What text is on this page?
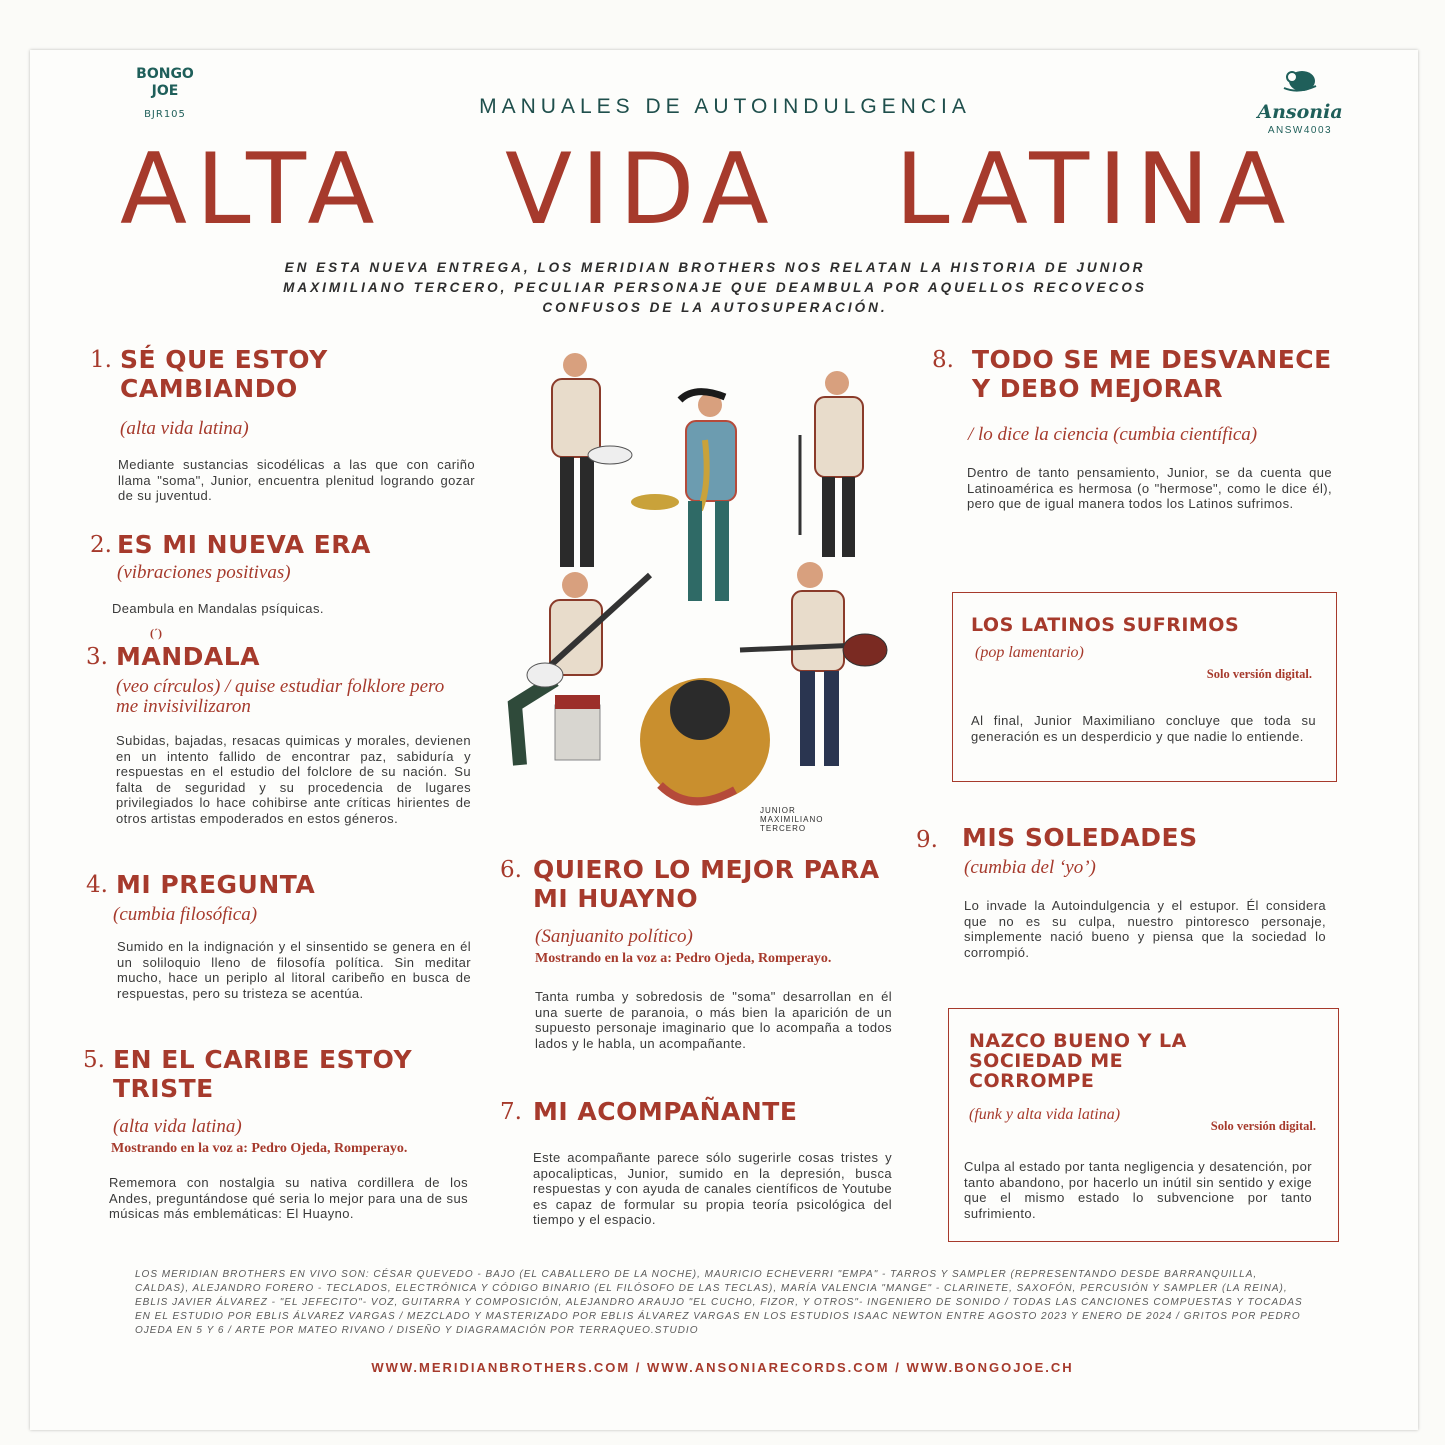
BONGO
JOE
BJR105	Ansonia
ANSW4003
MANUALES DE AUTOINDULGENCIA
ALTA VIDA LATINA
EN ESTA NUEVA ENTREGA, LOS MERIDIAN BROTHERS NOS RELATAN LA HISTORIA DE JUNIOR MAXIMILIANO TERCERO, PECULIAR PERSONAJE QUE DEAMBULA POR AQUELLOS RECOVECOS CONFUSOS DE LA AUTOSUPERACIÓN.
1. SÉ QUE ESTOY CAMBIANDO
(alta vida latina)
Mediante sustancias sicodélicas a las que con cariño llama "soma", Junior, encuentra plenitud logrando gozar de su juventud.
2. ES MI NUEVA ERA
(vibraciones positivas)
Deambula en Mandalas psíquicas.
(´)
3. MANDALA
(veo círculos) / quise estudiar folklore pero me invisivilizaron
Subidas, bajadas, resacas quimicas y morales, devienen en un intento fallido de encontrar paz, sabiduría y respuestas en el estudio del folclore de su nación. Su falta de seguridad y su procedencia de lugares privilegiados lo hace cohibirse ante críticas hirientes de otros artistas empoderados en estos géneros.
4. MI PREGUNTA
(cumbia filosófica)
Sumido en la indignación y el sinsentido se genera en él un soliloquio lleno de filosofía política. Sin meditar mucho, hace un periplo al litoral caribeño en busca de respuestas, pero su tristeza se acentúa.
5. EN EL CARIBE ESTOY TRISTE
(alta vida latina)
Mostrando en la voz a: Pedro Ojeda, Romperayo.
Rememora con nostalgia su nativa cordillera de los Andes, preguntándose qué seria lo mejor para una de sus músicas más emblemáticas: El Huayno.
JUNIOR
MAXIMILIANO
TERCERO
6. QUIERO LO MEJOR PARA MI HUAYNO
(Sanjuanito político)
Mostrando en la voz a: Pedro Ojeda, Romperayo.
Tanta rumba y sobredosis de "soma" desarrollan en él una suerte de paranoia, o más bien la aparición de un supuesto personaje imaginario que lo acompaña a todos lados y le habla, un acompañante.
7. MI ACOMPAÑANTE
Este acompañante parece sólo sugerirle cosas tristes y apocalipticas, Junior, sumido en la depresión, busca respuestas y con ayuda de canales científicos de Youtube es capaz de formular su propia teoría psicológica del tiempo y el espacio.
8. TODO SE ME DESVANECE Y DEBO MEJORAR
/ lo dice la ciencia (cumbia científica)
Dentro de tanto pensamiento, Junior, se da cuenta que Latinoamérica es hermosa (o "hermose", como le dice él), pero que de igual manera todos los Latinos sufrimos.
LOS LATINOS SUFRIMOS
(pop lamentario)
Solo versión digital.
Al final, Junior Maximiliano concluye que toda su generación es un desperdicio y que nadie lo entiende.
9. MIS SOLEDADES
(cumbia del ‘yo’)
Lo invade la Autoindulgencia y el estupor. Él considera que no es su culpa, nuestro pintoresco personaje, simplemente nació bueno y piensa que la sociedad lo corrompió.
NAZCO BUENO Y LA SOCIEDAD ME CORROMPE
(funk y alta vida latina)
Solo versión digital.
Culpa al estado por tanta negligencia y desatención, por tanto abandono, por hacerlo un inútil sin sentido y exige que el mismo estado lo subvencione por tanto sufrimiento.
LOS MERIDIAN BROTHERS EN VIVO SON: CÉSAR QUEVEDO - BAJO (EL CABALLERO DE LA NOCHE), MAURICIO ECHEVERRI "EMPA" - TARROS Y SAMPLER (REPRESENTANDO DESDE BARRANQUILLA, CALDAS), ALEJANDRO FORERO - TECLADOS, ELECTRÓNICA Y CÓDIGO BINARIO (EL FILÓSOFO DE LAS TECLAS), MARÍA VALENCIA "MANGE" - CLARINETE, SAXOFÓN, PERCUSIÓN Y SAMPLER (LA REINA), EBLIS JAVIER ÁLVAREZ - "EL JEFECITO"- VOZ, GUITARRA Y COMPOSICIÓN, ALEJANDRO ARAUJO "EL CUCHO, FIZOR, Y OTROS"- INGENIERO DE SONIDO / TODAS LAS CANCIONES COMPUESTAS Y TOCADAS EN EL ESTUDIO POR EBLIS ÁLVAREZ VARGAS / MEZCLADO Y MASTERIZADO POR EBLIS ÁLVAREZ VARGAS EN LOS ESTUDIOS ISAAC NEWTON ENTRE AGOSTO 2023 Y ENERO DE 2024 / GRITOS POR PEDRO OJEDA EN 5 Y 6 / ARTE POR MATEO RIVANO / DISEÑO Y DIAGRAMACIÓN POR TERRAQUEO.STUDIO
WWW.MERIDIANBROTHERS.COM / WWW.ANSONIARECORDS.COM / WWW.BONGOJOE.CH
